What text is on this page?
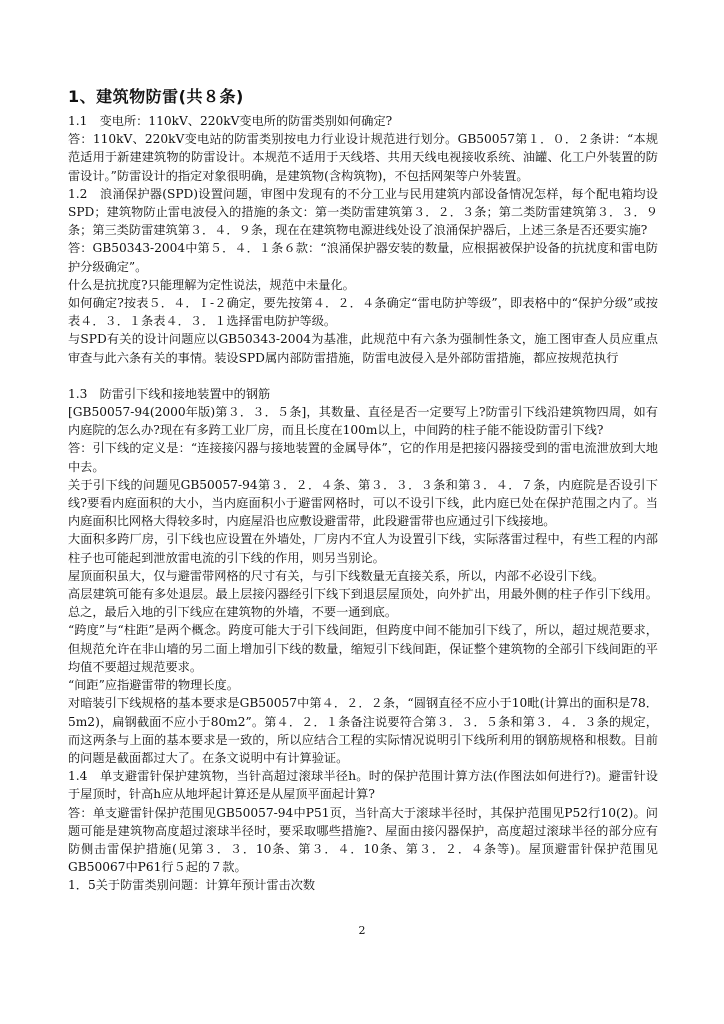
1、建筑物防雷(共８条)

1.1　变电所：110kV、220kV变电所的防雷类别如何确定?

答：110kV、220kV变电站的防雷类别按电力行业设计规范进行划分。GB50057第１．０．２条讲：“本规范适用于新建建筑物的防雷设计。本规范不适用于天线塔、共用天线电视接收系统、油罐、化工户外装置的防雷设计。”防雷设计的指定对象很明确，是建筑物(含构筑物)，不包括网架等户外装置。

1.2　浪涌保护器(SPD)设置问题，审图中发现有的不分工业与民用建筑内部设备情况怎样，每个配电箱均设SPD；建筑物防止雷电波侵入的措施的条文：第一类防雷建筑第３．２．３条；第二类防雷建筑第３．３．９条；第三类防雷建筑第３．４．９条，现在在建筑物电源进线处设了浪涌保护器后，上述三条是否还要实施?

答：GB50343-2004中第５．４．１条６款：“浪涌保护器安装的数量，应根据被保护设备的抗扰度和雷电防护分级确定”。

什么是抗扰度?只能理解为定性说法，规范中未量化。

如何确定?按表５．４．Ｉ-２确定，要先按第４．２．４条确定“雷电防护等级”，即表格中的“保护分级”或按表４．３．１条表４．３．１选择雷电防护等级。

与SPD有关的设计问题应以GB50343-2004为基准，此规范中有六条为强制性条文，施工图审查人员应重点审查与此六条有关的事情。装设SPD属内部防雷措施，防雷电波侵入是外部防雷措施，都应按规范执行

1.3　防雷引下线和接地装置中的钢筋

[GB50057-94(2000年版)第３．３．５条]，其数量、直径是否一定要写上?防雷引下线沿建筑物四周，如有内庭院的怎么办?现在有多跨工业厂房，而且长度在100m以上，中间跨的柱子能不能设防雷引下线?

答：引下线的定义是：“连接接闪器与接地装置的金属导体”，它的作用是把接闪器接受到的雷电流泄放到大地中去。

关于引下线的问题见GB50057-94第３．２．４条、第３．３．３条和第３．４．７条，内庭院是否设引下线?要看内庭面积的大小，当内庭面积小于避雷网格时，可以不设引下线，此内庭已处在保护范围之内了。当内庭面积比网格大得较多时，内庭屋沿也应敷设避雷带，此段避雷带也应通过引下线接地。

大面积多跨厂房，引下线也应设置在外墙处，厂房内不宜人为设置引下线，实际落雷过程中，有些工程的内部柱子也可能起到泄放雷电流的引下线的作用，则另当别论。

屋顶面积虽大，仅与避雷带网格的尺寸有关，与引下线数量无直接关系，所以，内部不必设引下线。

高层建筑可能有多处退层。最上层接闪器经引下线下到退层屋顶处，向外扩出，用最外侧的柱子作引下线用。总之，最后入地的引下线应在建筑物的外墙，不要一通到底。

“跨度”与“柱距”是两个概念。跨度可能大于引下线间距，但跨度中间不能加引下线了，所以，超过规范要求，但规范允许在非山墙的另二面上增加引下线的数量，缩短引下线间距，保证整个建筑物的全部引下线间距的平均值不要超过规范要求。

“间距”应指避雷带的物理长度。

对暗装引下线规格的基本要求是GB50057中第４．２．２条，“圆钢直径不应小于10毗(计算出的面积是78．5m2)，扁钢截面不应小于80m2”。第４．２．１条备注说要符合第３．３．５条和第３．４．３条的规定，而这两条与上面的基本要求是一致的，所以应结合工程的实际情况说明引下线所利用的钢筋规格和根数。目前的问题是截面都过大了。在条文说明中有计算验证。

1.4　单支避雷针保护建筑物，当针高超过滚球半径h。时的保护范围计算方法(作图法如何进行?)。避雷针设于屋顶时，针高h应从地坪起计算还是从屋顶平面起计算?

答：单支避雷针保护范围见GB50057-94中P51页，当针高大于滚球半径时，其保护范围见P52行10(2)。问题可能是建筑物高度超过滚球半径时，要采取哪些措施?、屋面由接闪器保护，高度超过滚球半径的部分应有防侧击雷保护措施(见第３．３．10条、第３．４．10条、第３．２．４条等)。屋顶避雷针保护范围见GB50067中P61行５起的７款。

1．5关于防雷类别问题：计算年预计雷击次数

2
